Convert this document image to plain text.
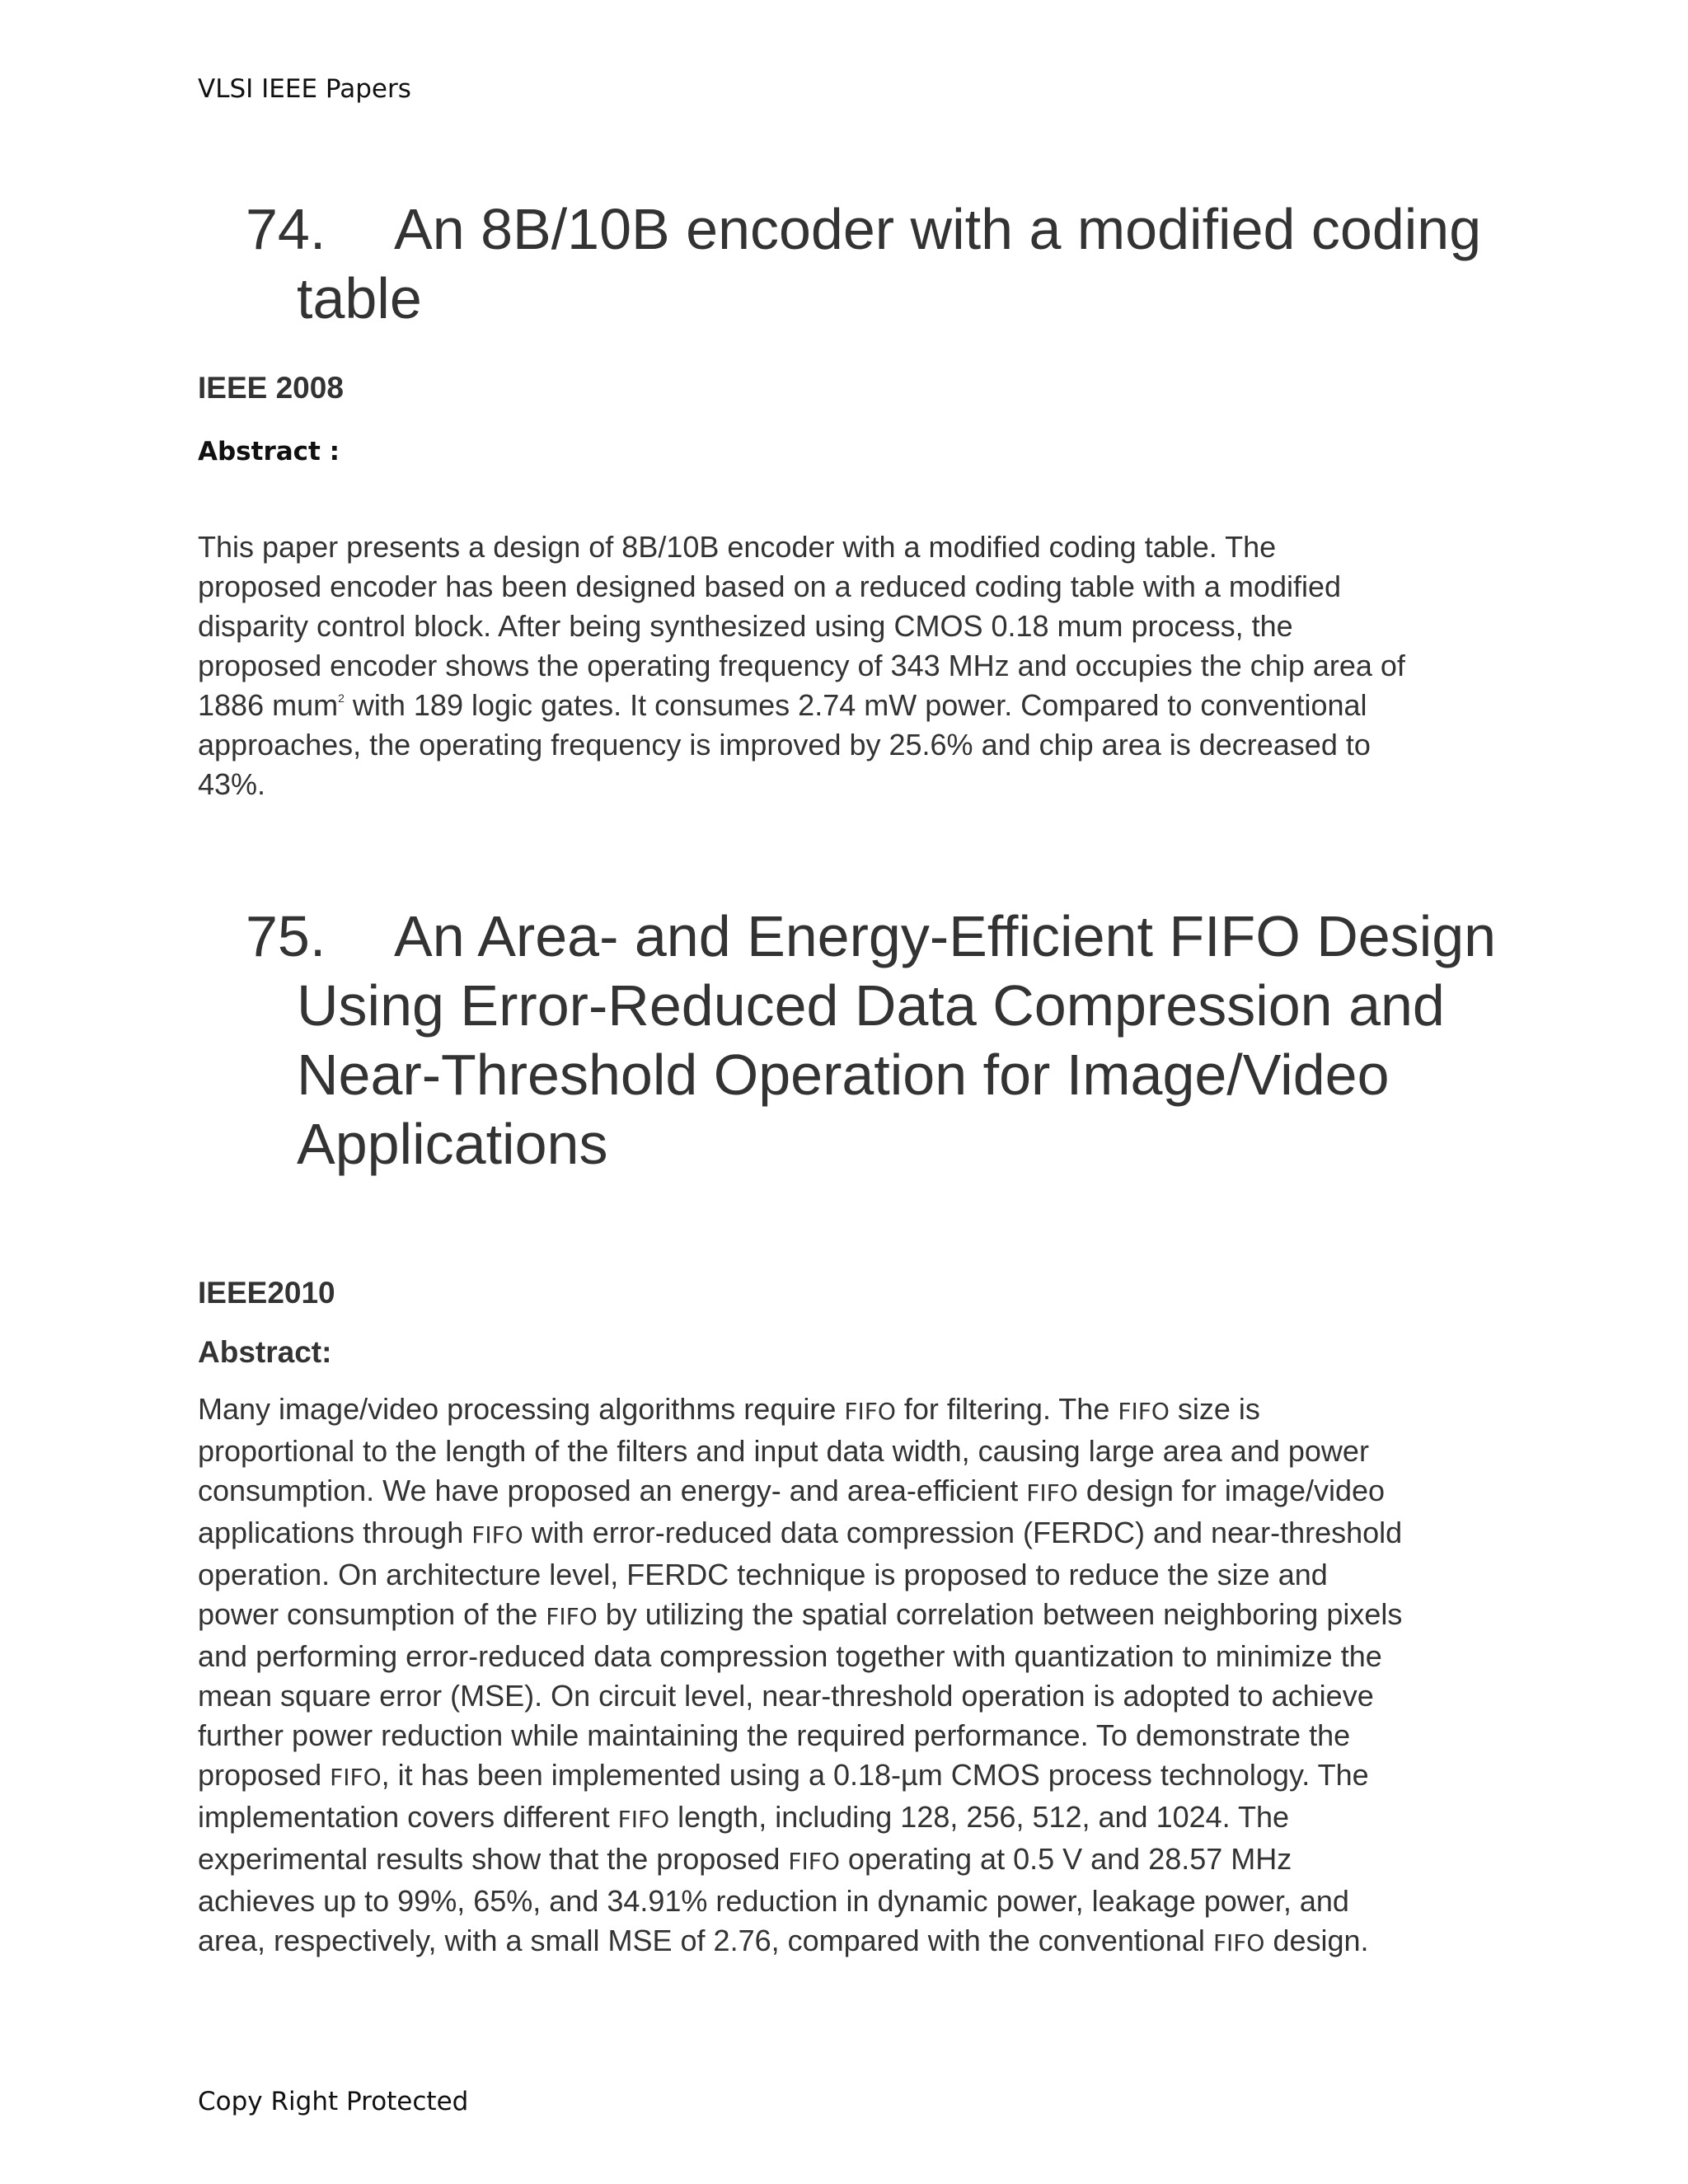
VLSI IEEE Papers

74. An 8B/10B encoder with a modified coding
table

IEEE 2008

Abstract :

This paper presents a design of 8B/10B encoder with a modified coding table. The
proposed encoder has been designed based on a reduced coding table with a modified
disparity control block. After being synthesized using CMOS 0.18 mum process, the
proposed encoder shows the operating frequency of 343 MHz and occupies the chip area of
1886 mum$^2$ with 189 logic gates. It consumes 2.74 mW power. Compared to conventional
approaches, the operating frequency is improved by 25.6% and chip area is decreased to
43%.

75. An Area- and Energy-Efficient FIFO Design
Using Error-Reduced Data Compression and
Near-Threshold Operation for Image/Video
Applications

IEEE2010

Abstract:

Many image/video processing algorithms require FIFO for filtering. The FIFO size is
proportional to the length of the filters and input data width, causing large area and power
consumption. We have proposed an energy- and area-efficient FIFO design for image/video
applications through FIFO with error-reduced data compression (FERDC) and near-threshold
operation. On architecture level, FERDC technique is proposed to reduce the size and
power consumption of the FIFO by utilizing the spatial correlation between neighboring pixels
and performing error-reduced data compression together with quantization to minimize the
mean square error (MSE). On circuit level, near-threshold operation is adopted to achieve
further power reduction while maintaining the required performance. To demonstrate the
proposed FIFO, it has been implemented using a 0.18-µm CMOS process technology. The
implementation covers different FIFO length, including 128, 256, 512, and 1024. The
experimental results show that the proposed FIFO operating at 0.5 V and 28.57 MHz
achieves up to 99%, 65%, and 34.91% reduction in dynamic power, leakage power, and
area, respectively, with a small MSE of 2.76, compared with the conventional FIFO design.

Copy Right Protected
